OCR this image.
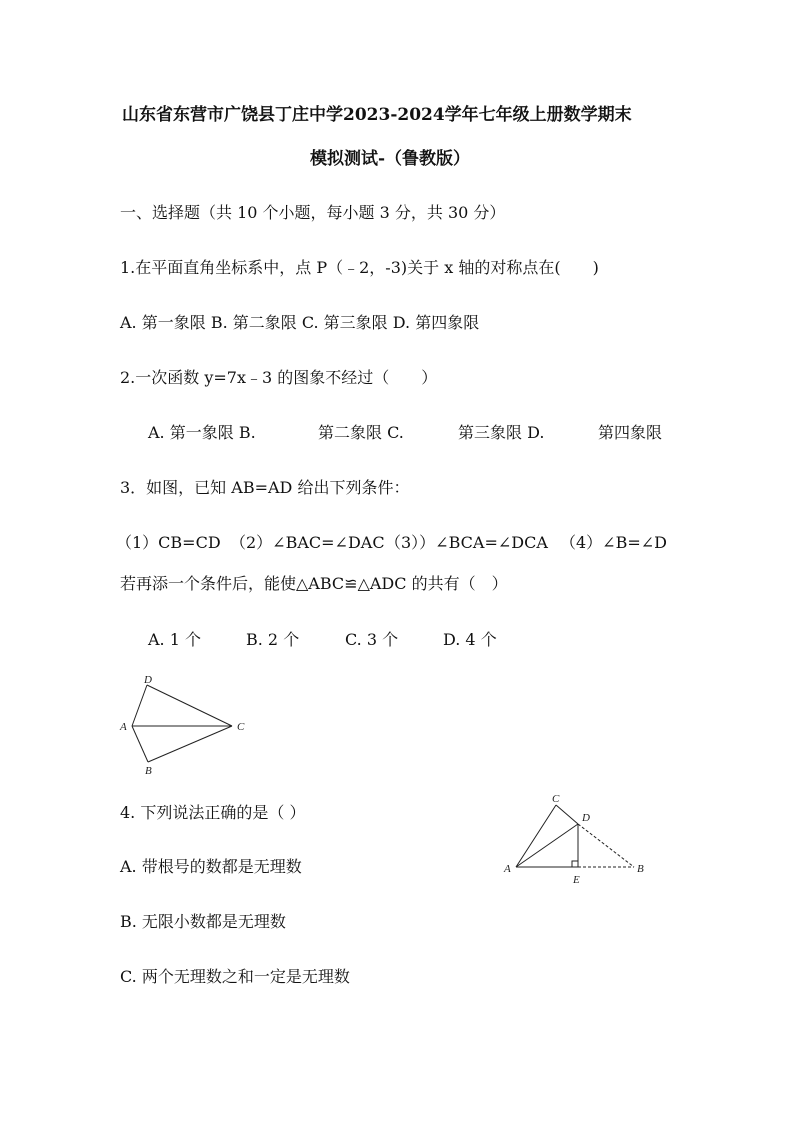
山东省东营市广饶县丁庄中学2023-2024学年七年级上册数学期末
模拟测试-（鲁教版）
一、选择题（共 10 个小题，每小题 3 分，共 30 分）
1.在平面直角坐标系中，点 P（﹣2，-3)关于 x 轴的对称点在(　　)
A. 第一象限 B. 第二象限 C. 第三象限 D. 第四象限
2.一次函数 y=7x﹣3 的图象不经过（　　）
A. 第一象限 B.	第二象限 C.	第三象限 D.	第四象限
3．如图，已知 AB=AD 给出下列条件：
（1）CB=CD （2）∠BAC=∠DAC （3））∠BCA=∠DCA （4）∠B=∠D
若再添一个条件后，能使△ABC≌△ADC 的共有（　）
A. 1 个	B. 2 个	C. 3 个	D. 4 个
D
A	C
B
4. 下列说法正确的是（ ）
A. 带根号的数都是无理数
B. 无限小数都是无理数
C. 两个无理数之和一定是无理数
C
D
A
E
B
